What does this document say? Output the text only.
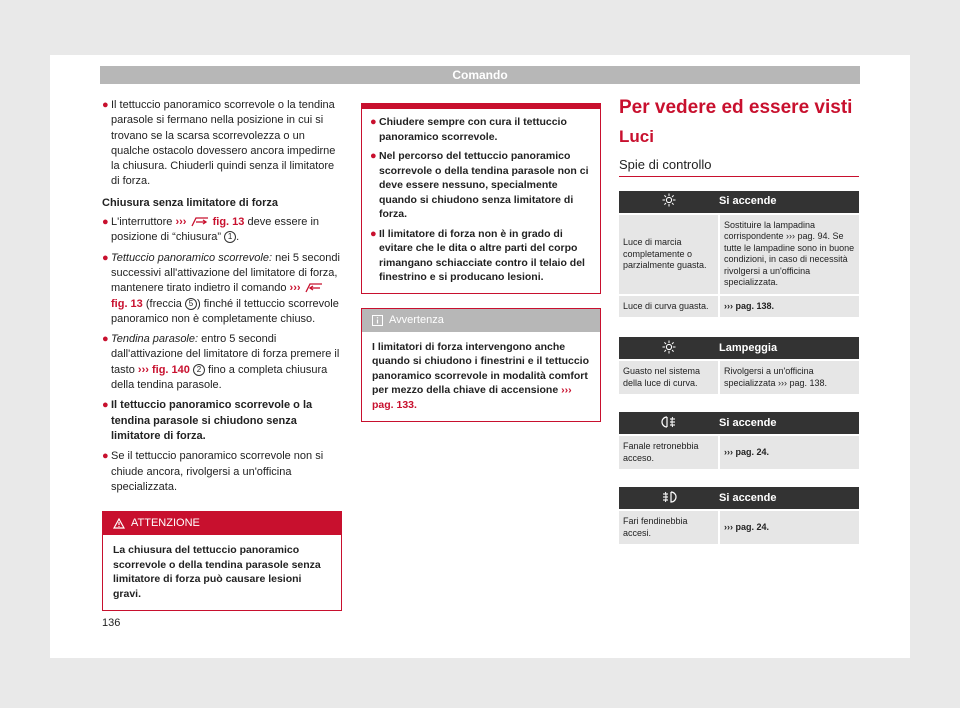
Comando
● Il tettuccio panoramico scorrevole o la tendina parasole si fermano nella posizione in cui si trovano se la scarsa scorrevolezza o un qualche ostacolo dovessero ancora impedirne la chiusura. Chiuderli quindi senza il limitatore di forza.
Chiusura senza limitatore di forza
● L'interruttore ››› fig. 13 deve essere in posizione di “chiusura” 1 .
● Tettuccio panoramico scorrevole: nei 5 secondi successivi all'attivazione del limitatore di forza, mantenere tirato indietro il comando ›››  fig. 13 (freccia 5 ) finché il tettuccio scorrevole panoramico non è completamente chiuso.
● Tendina parasole: entro 5 secondi dall'attivazione del limitatore di forza premere il tasto ››› fig. 140 2 fino a completa chiusura della tendina parasole.
● Il tettuccio panoramico scorrevole o la tendina parasole si chiudono senza limitatore di forza.
● Se il tettuccio panoramico scorrevole non si chiude ancora, rivolgersi a un'officina specializzata.
ATTENZIONE
La chiusura del tettuccio panoramico scorrevole o della tendina parasole senza limitatore di forza può causare lesioni gravi.
● Chiudere sempre con cura il tettuccio panoramico scorrevole.
● Nel percorso del tettuccio panoramico scorrevole o della tendina parasole non ci deve essere nessuno, specialmente quando si chiudono senza limitatore di forza.
● Il limitatore di forza non è in grado di evitare che le dita o altre parti del corpo rimangano schiacciate contro il telaio del finestrino e si producano lesioni.
Avvertenza
I limitatori di forza intervengono anche quando si chiudono i finestrini e il tettuccio panoramico scorrevole in modalità comfort per mezzo della chiave di accensione ››› pag. 133.
Per vedere ed essere visti
Luci
Spie di controllo
	Si accende
Luce di marcia completamente o parzialmente guasta.	Sostituire la lampadina corrispondente ››› pag. 94. Se tutte le lampadine sono in buone condizioni, in caso di necessità rivolgersi a un'officina specializzata.
Luce di curva guasta.	››› pag. 138.
	Lampeggia
Guasto nel sistema della luce di curva.	Rivolgersi a un'officina specializzata ››› pag. 138.
	Si accende
Fanale retronebbia acceso.	››› pag. 24.
	Si accende
Fari fendinebbia accesi.	››› pag. 24.
136
